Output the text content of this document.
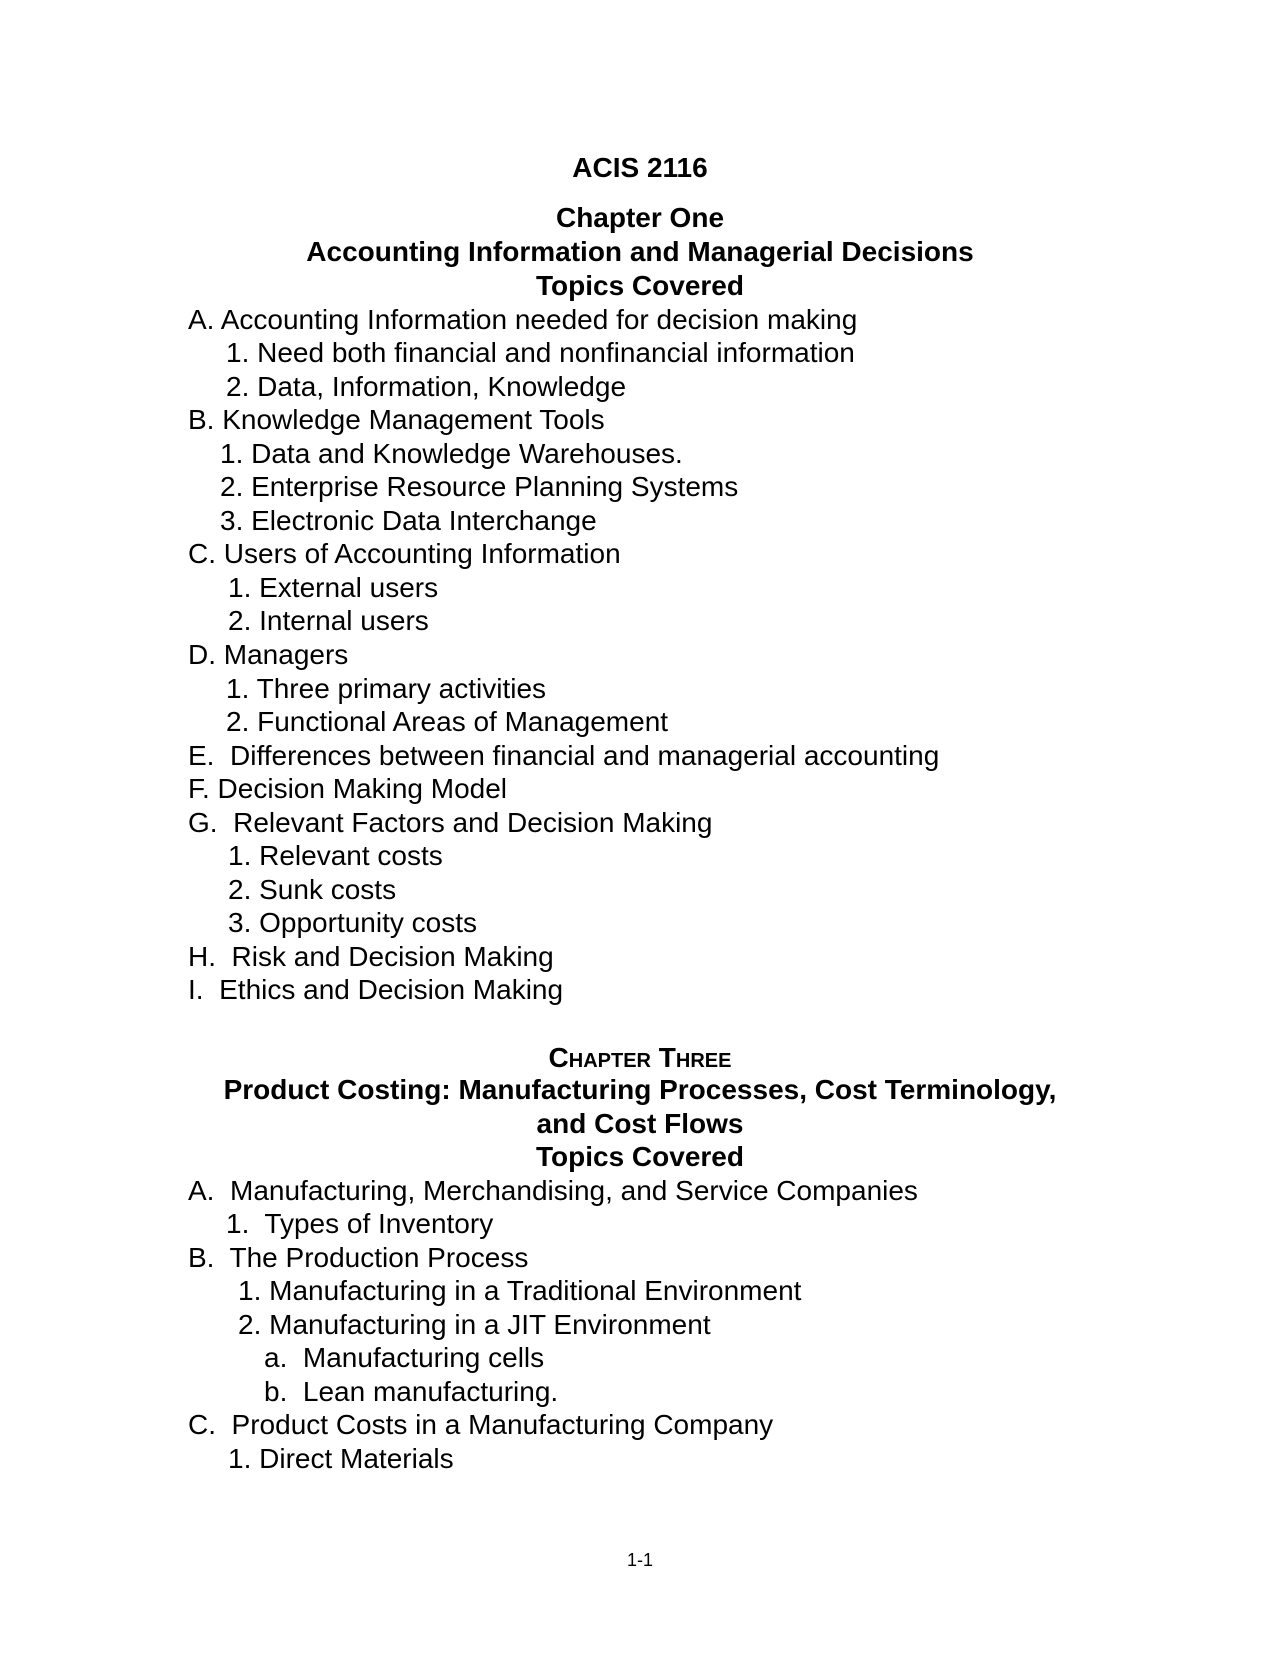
ACIS 2116
Chapter One
Accounting Information and Managerial Decisions
Topics Covered
A. Accounting Information needed for decision making
1. Need both financial and nonfinancial information
2. Data, Information, Knowledge
B. Knowledge Management Tools
1. Data and Knowledge Warehouses.
2. Enterprise Resource Planning Systems
3. Electronic Data Interchange
C. Users of Accounting Information
1. External users
2. Internal users
D. Managers
1. Three primary activities
2. Functional Areas of Management
E.  Differences between financial and managerial accounting
F. Decision Making Model
G.  Relevant Factors and Decision Making
1. Relevant costs
2. Sunk costs
3. Opportunity costs
H.  Risk and Decision Making
I.  Ethics and Decision Making
Chapter Three
Product Costing: Manufacturing Processes, Cost Terminology,
and Cost Flows
Topics Covered
A.  Manufacturing, Merchandising, and Service Companies
1.  Types of Inventory
B.  The Production Process
1. Manufacturing in a Traditional Environment
2. Manufacturing in a JIT Environment
a.  Manufacturing cells
b.  Lean manufacturing.
C.  Product Costs in a Manufacturing Company
1. Direct Materials
1-1
